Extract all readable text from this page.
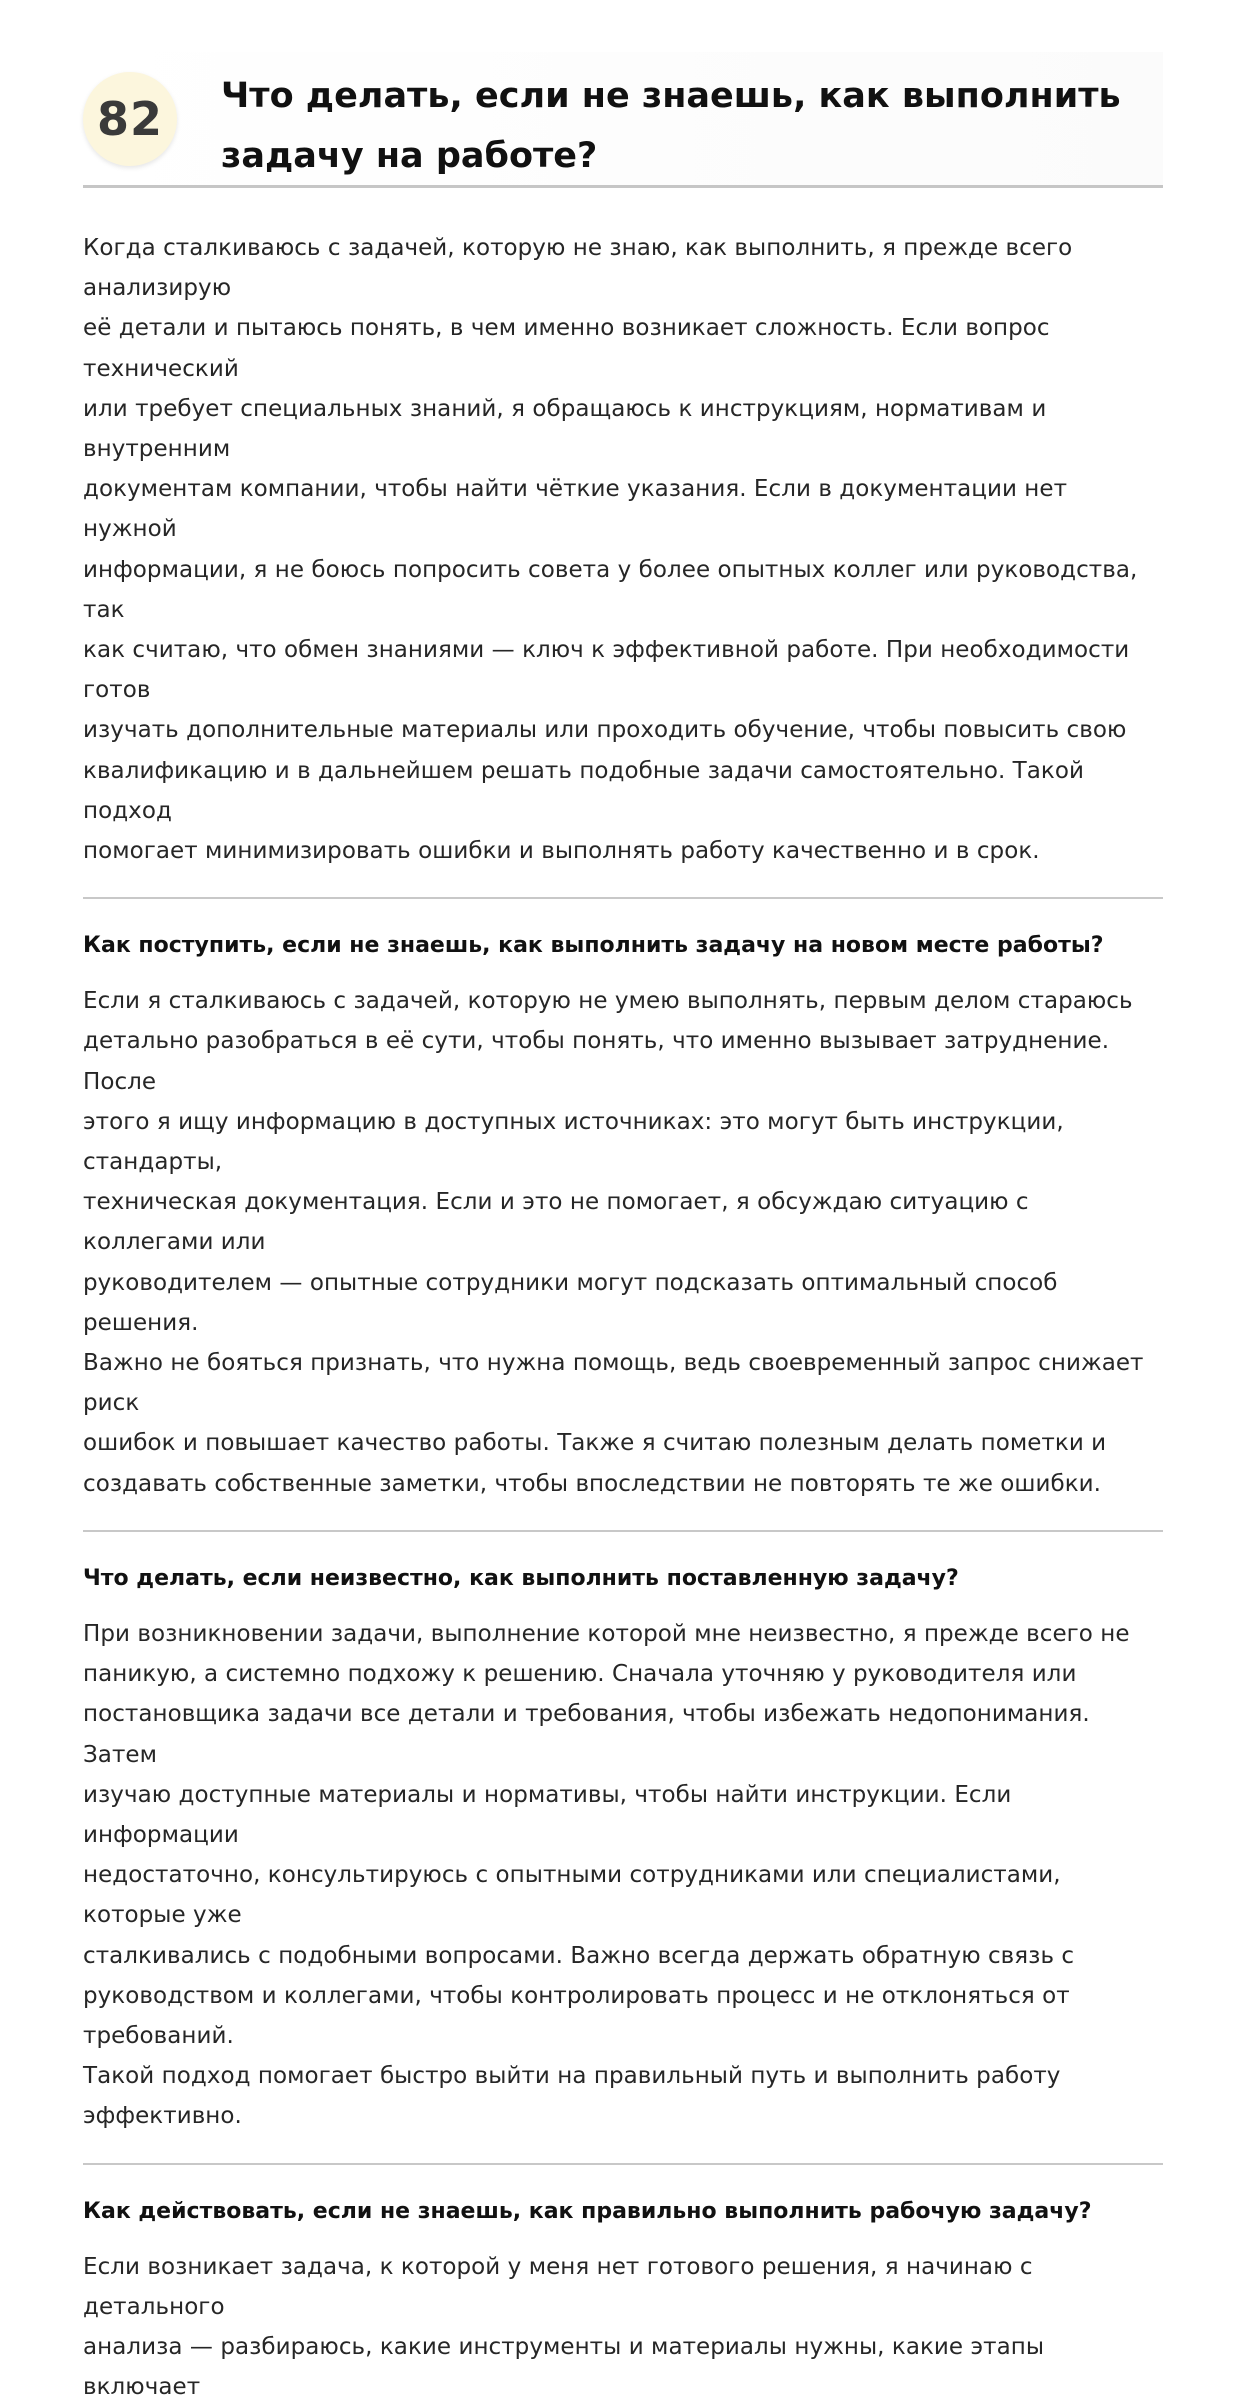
82	Что делать, если не знаешь, как выполнить задачу на работе?

Когда сталкиваюсь с задачей, которую не знаю, как выполнить, я прежде всего анализирую
её детали и пытаюсь понять, в чем именно возникает сложность. Если вопрос технический
или требует специальных знаний, я обращаюсь к инструкциям, нормативам и внутренним
документам компании, чтобы найти чёткие указания. Если в документации нет нужной
информации, я не боюсь попросить совета у более опытных коллег или руководства, так
как считаю, что обмен знаниями — ключ к эффективной работе. При необходимости готов
изучать дополнительные материалы или проходить обучение, чтобы повысить свою
квалификацию и в дальнейшем решать подобные задачи самостоятельно. Такой подход
помогает минимизировать ошибки и выполнять работу качественно и в срок.

Как поступить, если не знаешь, как выполнить задачу на новом месте работы?

Если я сталкиваюсь с задачей, которую не умею выполнять, первым делом стараюсь
детально разобраться в её сути, чтобы понять, что именно вызывает затруднение. После
этого я ищу информацию в доступных источниках: это могут быть инструкции, стандарты,
техническая документация. Если и это не помогает, я обсуждаю ситуацию с коллегами или
руководителем — опытные сотрудники могут подсказать оптимальный способ решения.
Важно не бояться признать, что нужна помощь, ведь своевременный запрос снижает риск
ошибок и повышает качество работы. Также я считаю полезным делать пометки и
создавать собственные заметки, чтобы впоследствии не повторять те же ошибки.

Что делать, если неизвестно, как выполнить поставленную задачу?

При возникновении задачи, выполнение которой мне неизвестно, я прежде всего не
паникую, а системно подхожу к решению. Сначала уточняю у руководителя или
постановщика задачи все детали и требования, чтобы избежать недопонимания. Затем
изучаю доступные материалы и нормативы, чтобы найти инструкции. Если информации
недостаточно, консультируюсь с опытными сотрудниками или специалистами, которые уже
сталкивались с подобными вопросами. Важно всегда держать обратную связь с
руководством и коллегами, чтобы контролировать процесс и не отклоняться от требований.
Такой подход помогает быстро выйти на правильный путь и выполнить работу эффективно.

Как действовать, если не знаешь, как правильно выполнить рабочую задачу?

Если возникает задача, к которой у меня нет готового решения, я начинаю с детального
анализа — разбираюсь, какие инструменты и материалы нужны, какие этапы включает
